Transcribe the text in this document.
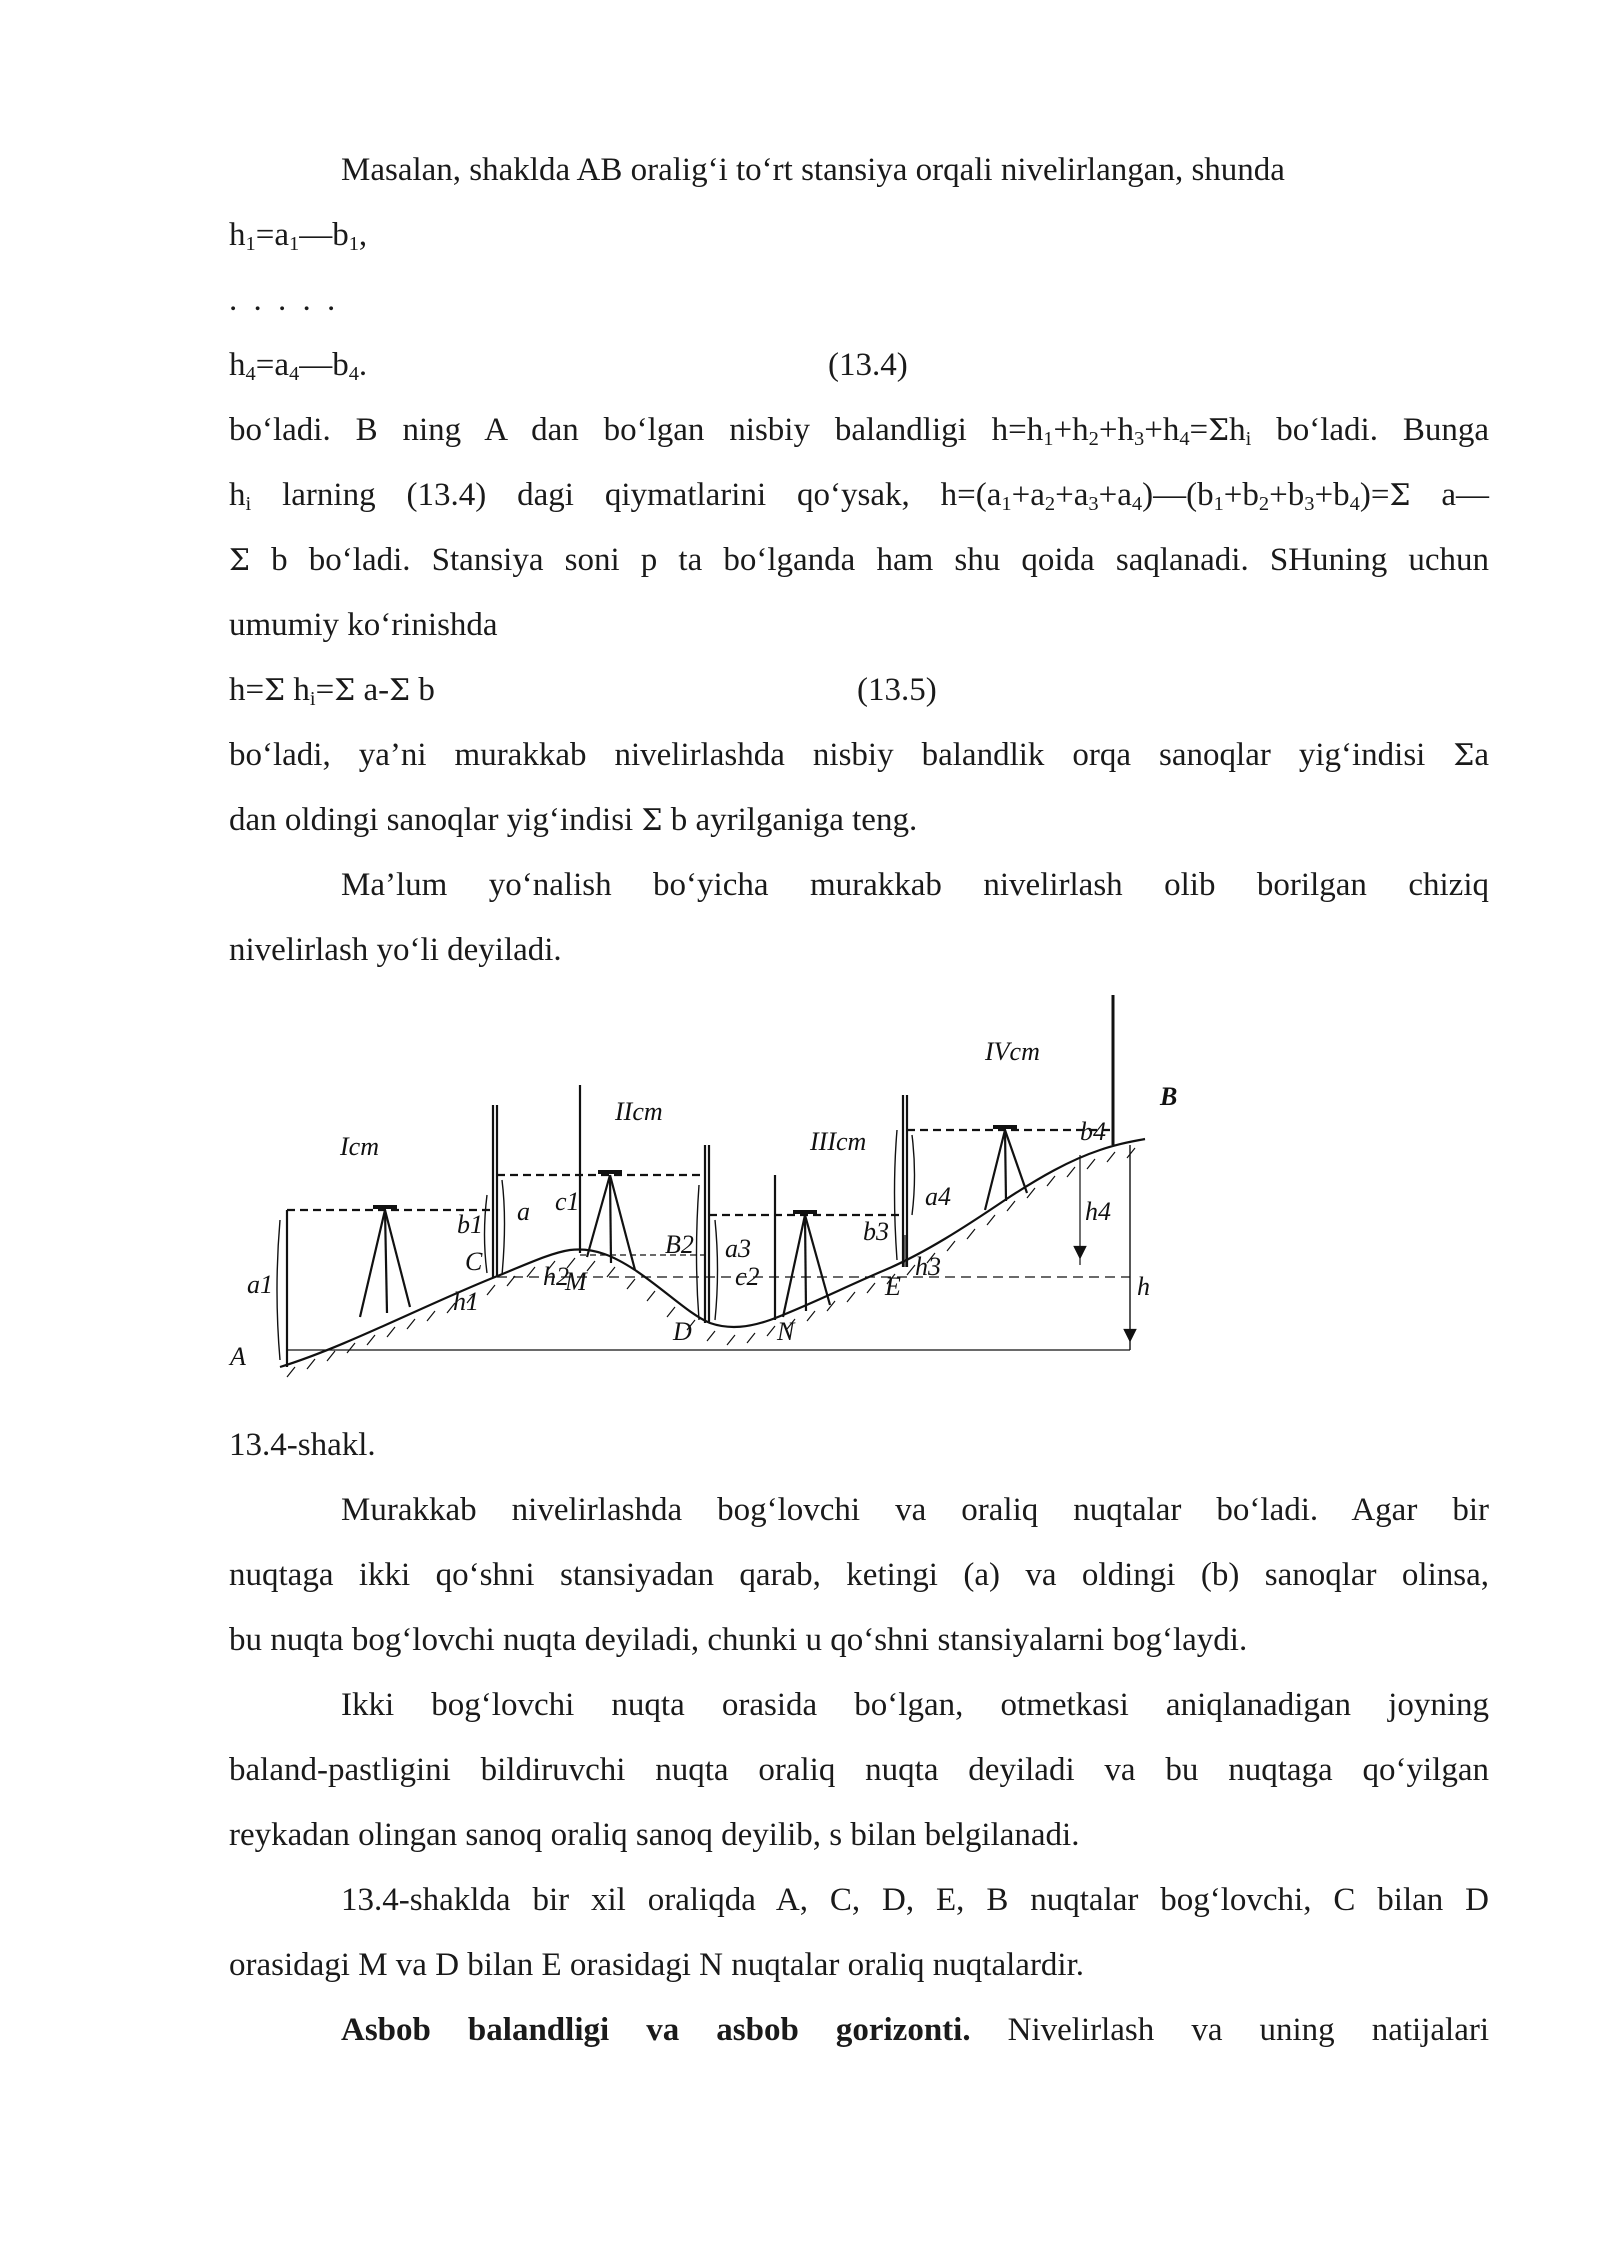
Masalan, shaklda AB oralig‘i to‘rt stansiya orqali nivelirlangan, shunda
$h_1=a_1—b_1$,
. . . . .
$h_4=a_4—b_4$.	(13.4)
bo‘ladi. B ning A dan bo‘lgan nisbiy balandligi $h=h_1+h_2+h_3+h_4=\Sigma h_i$ bo‘ladi. Bunga
$h_i$ larning (13.4) dagi qiymatlarini qo‘ysak, $h=(a_1+a_2+a_3+a_4)—(b_1+b_2+b_3+b_4)=\Sigma$ a—
Σ b bo‘ladi. Stansiya soni p ta bo‘lganda ham shu qoida saqlanadi. SHuning uchun
umumiy ko‘rinishda
h=Σ $h_i=\Sigma$ a-Σ b	(13.5)
bo‘ladi, ya’ni murakkab nivelirlashda nisbiy balandlik orqa sanoqlar yig‘indisi Σa
dan oldingi sanoqlar yig‘indisi Σ b ayrilganiga teng.
Ma’lum yo‘nalish bo‘yicha murakkab nivelirlash olib borilgan chiziq
nivelirlash yo‘li deyiladi.
Icm
IIcm
IIIcm
IVcm
A
B
C
M
D	N
E
a1
b1
h1
a c1
h2
B2 a3
c2
b3
h3
a4
b4
h4
h
13.4-shakl.
Murakkab nivelirlashda bog‘lovchi va oraliq nuqtalar bo‘ladi. Agar bir
nuqtaga ikki qo‘shni stansiyadan qarab, ketingi (a) va oldingi (b) sanoqlar olinsa,
bu nuqta bog‘lovchi nuqta deyiladi, chunki u qo‘shni stansiyalarni bog‘laydi.
Ikki bog‘lovchi nuqta orasida bo‘lgan, otmetkasi aniqlanadigan joyning
baland-pastligini bildiruvchi nuqta oraliq nuqta deyiladi va bu nuqtaga qo‘yilgan
reykadan olingan sanoq oraliq sanoq deyilib, s bilan belgilanadi.
13.4-shaklda bir xil oraliqda A, C, D, E, B nuqtalar bog‘lovchi, C bilan D
orasidagi M va D bilan E orasidagi N nuqtalar oraliq nuqtalardir.
Asbob balandligi va asbob gorizonti. Nivelirlash va uning natijalari
